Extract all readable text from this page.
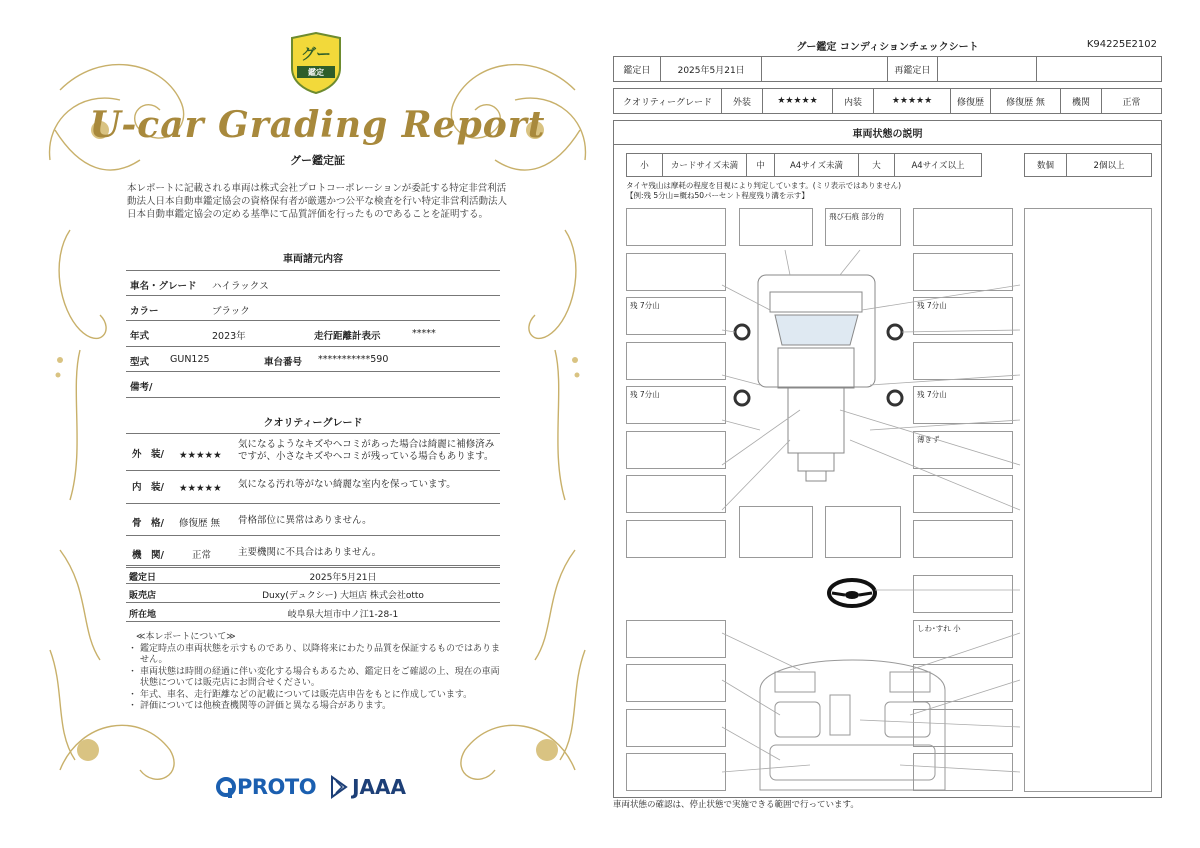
グー
鑑定
U-car Grading Report
グー鑑定証
本レポートに記載される車両は株式会社プロトコーポレーションが委託する特定非営利活動法人日本自動車鑑定協会の資格保有者が厳選かつ公平な検査を行い特定非営利活動法人日本自動車鑑定協会の定める基準にて品質評価を行ったものであることを証明する。
車両諸元内容
車名・グレード ハイラックス
カラー	ブラック
年式	2023年	走行距離計表示	*****
型式 GUN125	車台番号 ***********590
備考/
クオリティーグレード
外　装/ ★★★★★
気になるようなキズやヘコミがあった場合は綺麗に補修済みですが、小さなキズやヘコミが残っている場合もあります。
内　装/ ★★★★★ 気になる汚れ等がない綺麗な室内を保っています。
骨　格/ 修復歴 無 骨格部位に異常はありません。
機　関/	正常	主要機関に不具合はありません。
鑑定日	2025年5月21日
販売店	Duxy(デュクシー) 大垣店 株式会社otto
所在地	岐阜県大垣市中ノ江1-28-1
≪本レポートについて≫
・ 鑑定時点の車両状態を示すものであり、以降将来にわたり品質を保証するものではありません。
・ 車両状態は時間の経過に伴い変化する場合もあるため、鑑定日をご確認の上、現在の車両状態については販売店にお問合せください。
・ 年式、車名、走行距離などの記載については販売店申告をもとに作成しています。
・ 評価については他検査機関等の評価と異なる場合があります。
PROTO JAAA
グー鑑定 コンディションチェックシート	K94225E2102
鑑定日	2025年5月21日	再鑑定日
クオリティーグレード	外装	★★★★★	内装	★★★★★	修復歴	修復歴 無	機関	正常
車両状態の説明
小	カードサイズ未満	中	A4サイズ未満	大	A4サイズ以上	数個	2個以上
タイヤ残山は摩耗の程度を目視により判定しています。(ミリ表示ではありません)
【例:残 5分山=概ね50パーセント程度残り溝を示す】
残 7分山
残 7分山
飛び石痕 部分的
残 7分山
残 7分山
薄きず
しわ･すれ 小
車両状態の確認は、停止状態で実施できる範囲で行っています。
